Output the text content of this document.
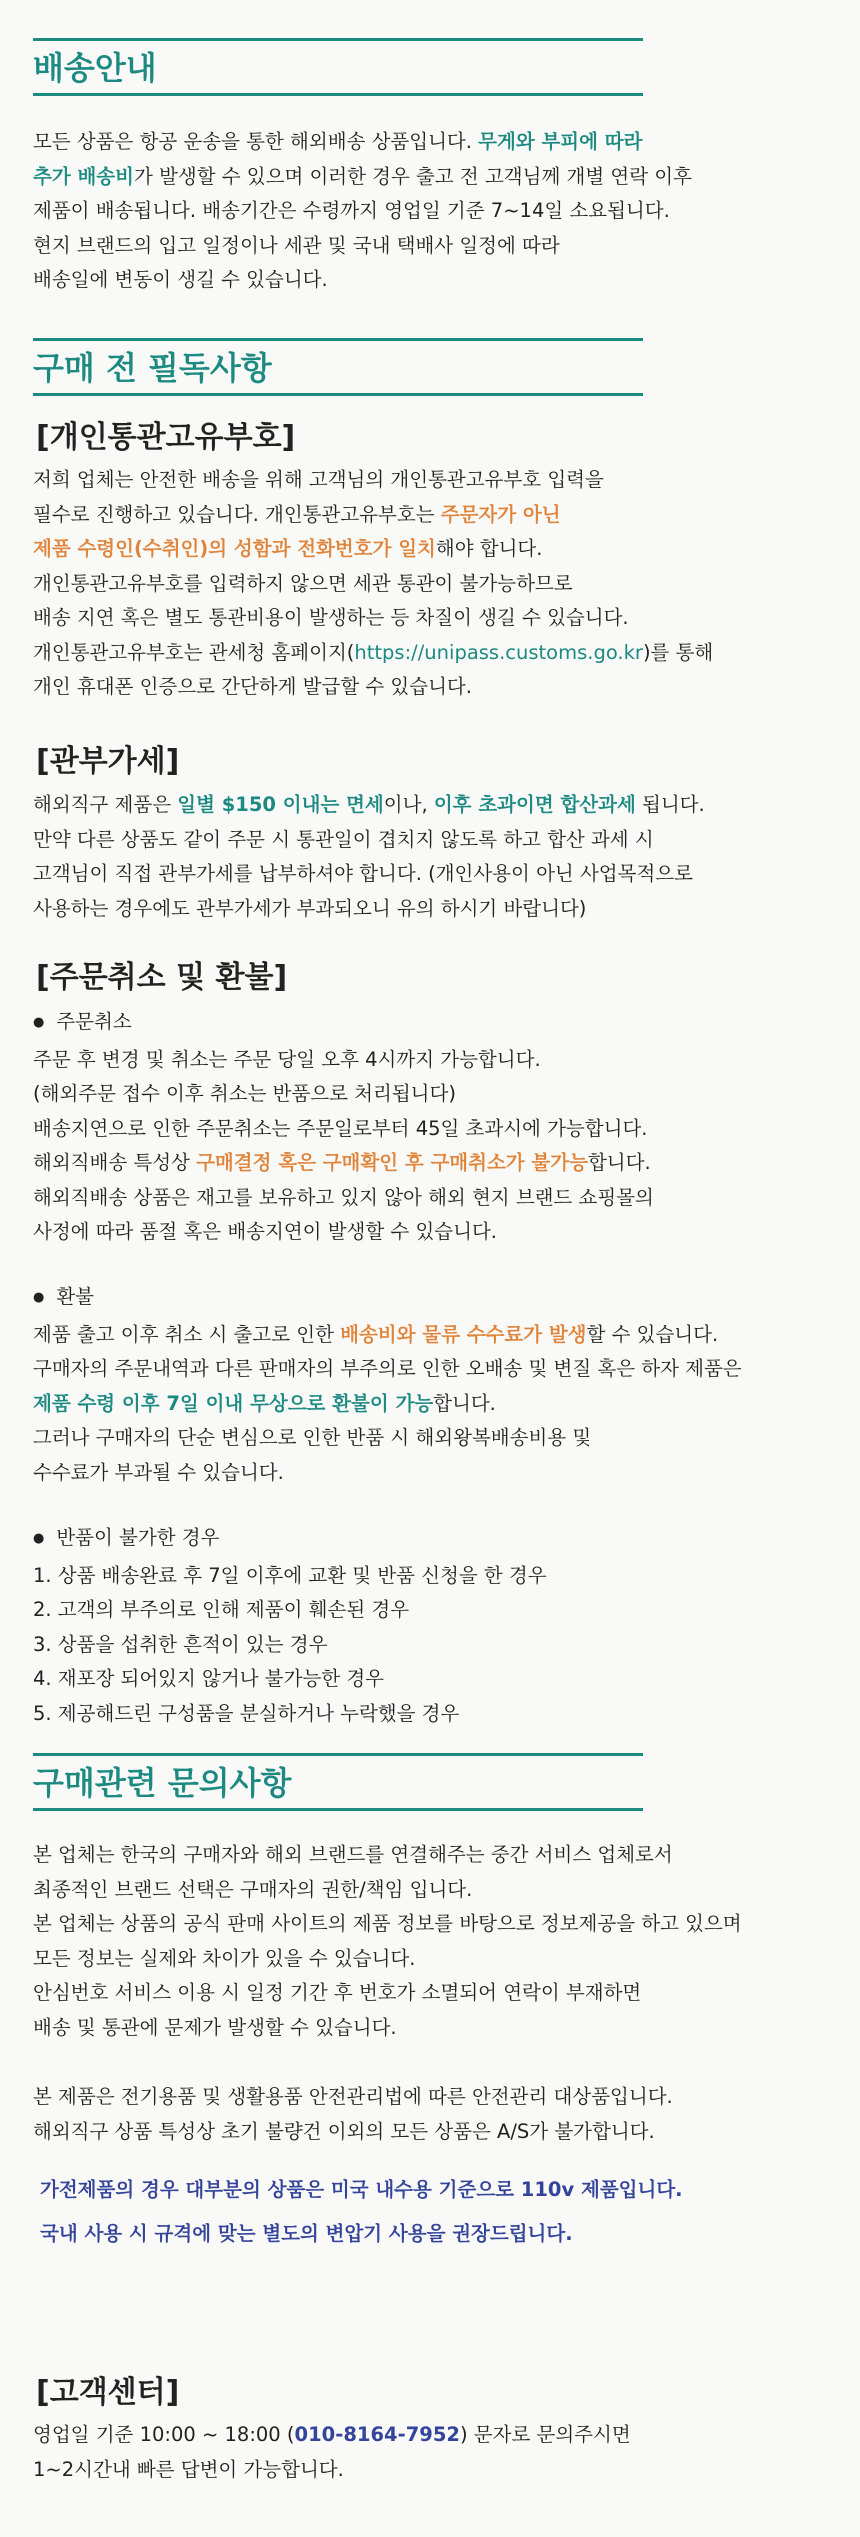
배송안내
모든 상품은 항공 운송을 통한 해외배송 상품입니다. 무게와 부피에 따라
추가 배송비가 발생할 수 있으며 이러한 경우 출고 전 고객님께 개별 연락 이후
제품이 배송됩니다. 배송기간은 수령까지 영업일 기준 7~14일 소요됩니다.
현지 브랜드의 입고 일정이나 세관 및 국내 택배사 일정에 따라
배송일에 변동이 생길 수 있습니다.
구매 전 필독사항
[개인통관고유부호]
저희 업체는 안전한 배송을 위해 고객님의 개인통관고유부호 입력을
필수로 진행하고 있습니다. 개인통관고유부호는 주문자가 아닌
제품 수령인(수취인)의 성함과 전화번호가 일치해야 합니다.
개인통관고유부호를 입력하지 않으면 세관 통관이 불가능하므로
배송 지연 혹은 별도 통관비용이 발생하는 등 차질이 생길 수 있습니다.
개인통관고유부호는 관세청 홈페이지(https://unipass.customs.go.kr)를 통해
개인 휴대폰 인증으로 간단하게 발급할 수 있습니다.
[관부가세]
해외직구 제품은 일별 $150 이내는 면세이나, 이후 초과이면 합산과세 됩니다.
만약 다른 상품도 같이 주문 시 통관일이 겹치지 않도록 하고 합산 과세 시
고객님이 직접 관부가세를 납부하셔야 합니다. (개인사용이 아닌 사업목적으로
사용하는 경우에도 관부가세가 부과되오니 유의 하시기 바랍니다)
[주문취소 및 환불]
● 주문취소
주문 후 변경 및 취소는 주문 당일 오후 4시까지 가능합니다.
(해외주문 접수 이후 취소는 반품으로 처리됩니다)
배송지연으로 인한 주문취소는 주문일로부터 45일 초과시에 가능합니다.
해외직배송 특성상 구매결정 혹은 구매확인 후 구매취소가 불가능합니다.
해외직배송 상품은 재고를 보유하고 있지 않아 해외 현지 브랜드 쇼핑몰의
사정에 따라 품절 혹은 배송지연이 발생할 수 있습니다.
● 환불
제품 출고 이후 취소 시 출고로 인한 배송비와 물류 수수료가 발생할 수 있습니다.
구매자의 주문내역과 다른 판매자의 부주의로 인한 오배송 및 변질 혹은 하자 제품은
제품 수령 이후 7일 이내 무상으로 환불이 가능합니다.
그러나 구매자의 단순 변심으로 인한 반품 시 해외왕복배송비용 및
수수료가 부과될 수 있습니다.
● 반품이 불가한 경우
1. 상품 배송완료 후 7일 이후에 교환 및 반품 신청을 한 경우
2. 고객의 부주의로 인해 제품이 훼손된 경우
3. 상품을 섭취한 흔적이 있는 경우
4. 재포장 되어있지 않거나 불가능한 경우
5. 제공해드린 구성품을 분실하거나 누락했을 경우
구매관련 문의사항
본 업체는 한국의 구매자와 해외 브랜드를 연결해주는 중간 서비스 업체로서
최종적인 브랜드 선택은 구매자의 권한/책임 입니다.
본 업체는 상품의 공식 판매 사이트의 제품 정보를 바탕으로 정보제공을 하고 있으며
모든 정보는 실제와 차이가 있을 수 있습니다.
안심번호 서비스 이용 시 일정 기간 후 번호가 소멸되어 연락이 부재하면
배송 및 통관에 문제가 발생할 수 있습니다.
본 제품은 전기용품 및 생활용품 안전관리법에 따른 안전관리 대상품입니다.
해외직구 상품 특성상 초기 불량건 이외의 모든 상품은 A/S가 불가합니다.
가전제품의 경우 대부분의 상품은 미국 내수용 기준으로 110v 제품입니다.
국내 사용 시 규격에 맞는 별도의 변압기 사용을 권장드립니다.
[고객센터]
영업일 기준 10:00 ~ 18:00 (010-8164-7952) 문자로 문의주시면
1~2시간내 빠른 답변이 가능합니다.
